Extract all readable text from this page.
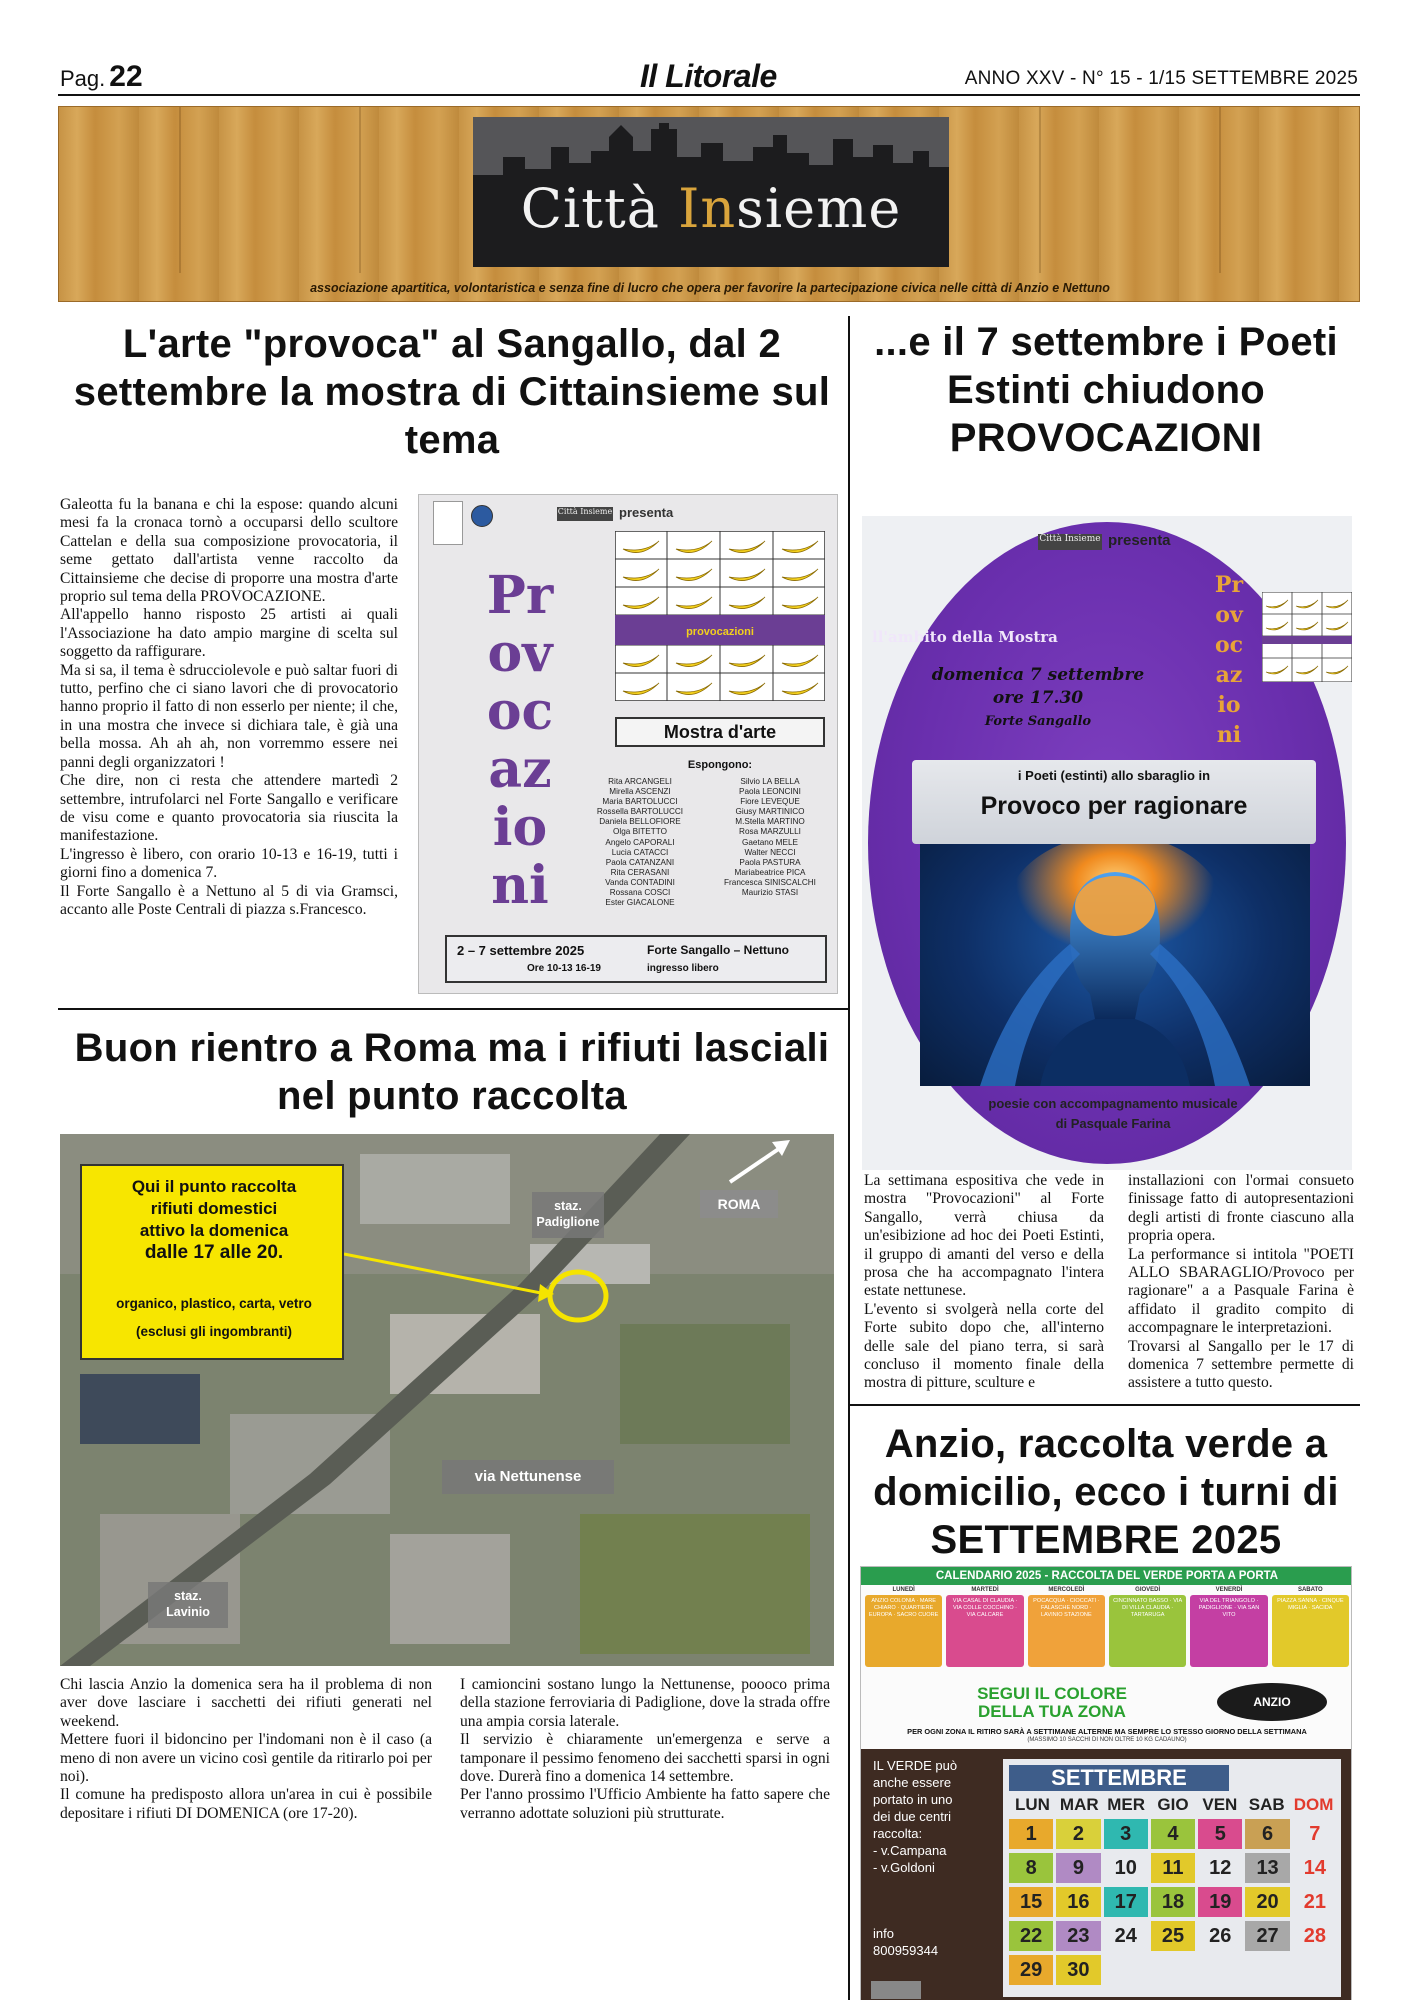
Pag. 22	Il Litorale	ANNO XXV - N° 15 - 1/15 SETTEMBRE 2025
Città Insieme
associazione apartitica, volontaristica e senza fine di lucro che opera per favorire la partecipazione civica nelle città di Anzio e Nettuno
L'arte "provoca" al Sangallo, dal 2 settembre la mostra di Cittainsieme sul tema

Galeotta fu la banana e chi la espose: quando alcuni mesi fa la cronaca tornò a occuparsi dello scultore Cattelan e della sua composizione provocatoria, il seme gettato dall'artista venne raccolto da Cittainsieme che decise di proporre una mostra d'arte proprio sul tema della PROVOCAZIONE.

All'appello hanno risposto 25 artisti ai quali l'Associazione ha dato ampio margine di scelta sul soggetto da raffigurare.

Ma si sa, il tema è sdrucciolevole e può saltar fuori di tutto, perfino che ci siano lavori che di provocatorio hanno proprio il fatto di non esserlo per niente; il che, in una mostra che invece si dichiara tale, è già una bella mossa. Ah ah ah, non vorremmo essere nei panni degli organizzatori !

Che dire, non ci resta che attendere martedì 2 settembre, intrufolarci nel Forte Sangallo e verificare de visu come e quanto provocatoria sia riuscita la manifestazione.

L'ingresso è libero, con orario 10-13 e 16-19, tutti i giorni fino a domenica 7.

Il Forte Sangallo è a Nettuno al 5 di via Gramsci, accanto alle Poste Centrali di piazza s.Francesco.

Città Insieme presenta
Pr
ov
oc
az
io
ni
provocazioni
Mostra d'arte
Espongono:
Rita ARCANGELI
Mirella ASCENZI
Maria BARTOLUCCI
Rossella BARTOLUCCI
Daniela BELLOFIORE
Olga BITETTO
Angelo CAPORALI
Lucia CATACCI
Paola CATANZANI
Rita CERASANI
Vanda CONTADINI
Rossana COSCI
Ester GIACALONE
Silvio LA BELLA
Paola LEONCINI
Fiore LEVEQUE
Giusy MARTINICO
M.Stella MARTINO
Rosa MARZULLI
Gaetano MELE
Walter NECCI
Paola PASTURA
Mariabeatrice PICA
Francesca SINISCALCHI
Maurizio STASI
2 – 7 settembre 2025	Forte Sangallo – Nettuno
Ore 10-13 16-19	ingresso libero
...e il 7 settembre i Poeti Estinti chiudono PROVOCAZIONI
Città Insieme presenta
ll'ambito della Mostra
Pr
ov
oc
az
io
ni
domenica 7 settembre
ore 17.30
Forte Sangallo
i Poeti (estinti) allo sbaraglio in
Provoco per ragionare
poesie con accompagnamento musicale
di Pasquale Farina

La settimana espositiva che vede in mostra "Provocazioni" al Forte Sangallo, verrà chiusa da un'esibizione ad hoc dei Poeti Estinti, il gruppo di amanti del verso e della prosa che ha accompagnato l'intera estate nettunese.

L'evento si svolgerà nella corte del Forte subito dopo che, all'interno delle sale del piano terra, si sarà concluso il momento finale della mostra di pitture, sculture e

installazioni con l'ormai consueto finissage fatto di autopresentazioni degli artisti di fronte ciascuno alla propria opera.

La performance si intitola "POETI ALLO SBARAGLIO/Provoco per ragionare" a a Pasquale Farina è affidato il gradito compito di accompagnare le interpretazioni.

Trovarsi al Sangallo per le 17 di domenica 7 settembre permette di assistere a tutto questo.

Buon rientro a Roma ma i rifiuti lasciali nel punto raccolta
Qui il punto raccolta
rifiuti domestici
attivo la domenica
dalle 17 alle 20.
organico, plastico, carta, vetro
(esclusi gli ingombranti)
staz.
Padiglione
ROMA
via Nettunense
staz.
Lavinio

Chi lascia Anzio la domenica sera ha il problema di non aver dove lasciare i sacchetti dei rifiuti generati nel weekend.

Mettere fuori il bidoncino per l'indomani non è il caso (a meno di non avere un vicino così gentile da ritirarlo poi per noi).

Il comune ha predisposto allora un'area in cui è possibile depositare i rifiuti DI DOMENICA (ore 17-20).

I camioncini sostano lungo la Nettunense, poooco prima della stazione ferroviaria di Padiglione, dove la strada offre una ampia corsia laterale.

Il servizio è chiaramente un'emergenza e serve a tamponare il pessimo fenomeno dei sacchetti sparsi in ogni dove. Durerà fino a domenica 14 settembre.

Per l'anno prossimo l'Ufficio Ambiente ha fatto sapere che verranno adottate soluzioni più strutturate.

Anzio, raccolta verde a domicilio, ecco i turni di SETTEMBRE 2025
CALENDARIO 2025 - RACCOLTA DEL VERDE PORTA A PORTA
LUNEDÌ
ANZIO COLONIA · MARE CHIARO · QUARTIERE EUROPA · SACRO CUORE
MARTEDÌ
VIA CASAL DI CLAUDIA · VIA COLLE COCCHINO · VIA CALCARE
MERCOLEDÌ
POCACQUA · CIOCCATI · FALASCHE NORD · LAVINIO STAZIONE
GIOVEDÌ
CINCINNATO BASSO · VIA DI VILLA CLAUDIA · TARTARUGA
VENERDÌ
VIA DEL TRIANGOLO · PADIGLIONE · VIA SAN VITO
SABATO
PIAZZA SANNA · CINQUE MIGLIA · SACIDA
SEGUI IL COLORE
DELLA TUA ZONA	ANZIO
PER OGNI ZONA IL RITIRO SARÀ A SETTIMANE ALTERNE MA SEMPRE LO STESSO GIORNO DELLA SETTIMANA
(MASSIMO 10 SACCHI DI NON OLTRE 10 KG CADAUNO)
IL VERDE può
anche essere
portato in uno
dei due centri
raccolta:
- v.Campana
- v.Goldoni
info
800959344
SETTEMBRE
LUN MAR MER GIO VEN SAB DOM
1	2	3	4	5	6	7
8	9	10	11	12	13	14
15	16	17	18	19	20	21
22	23	24	25	26	27	28
29	30
